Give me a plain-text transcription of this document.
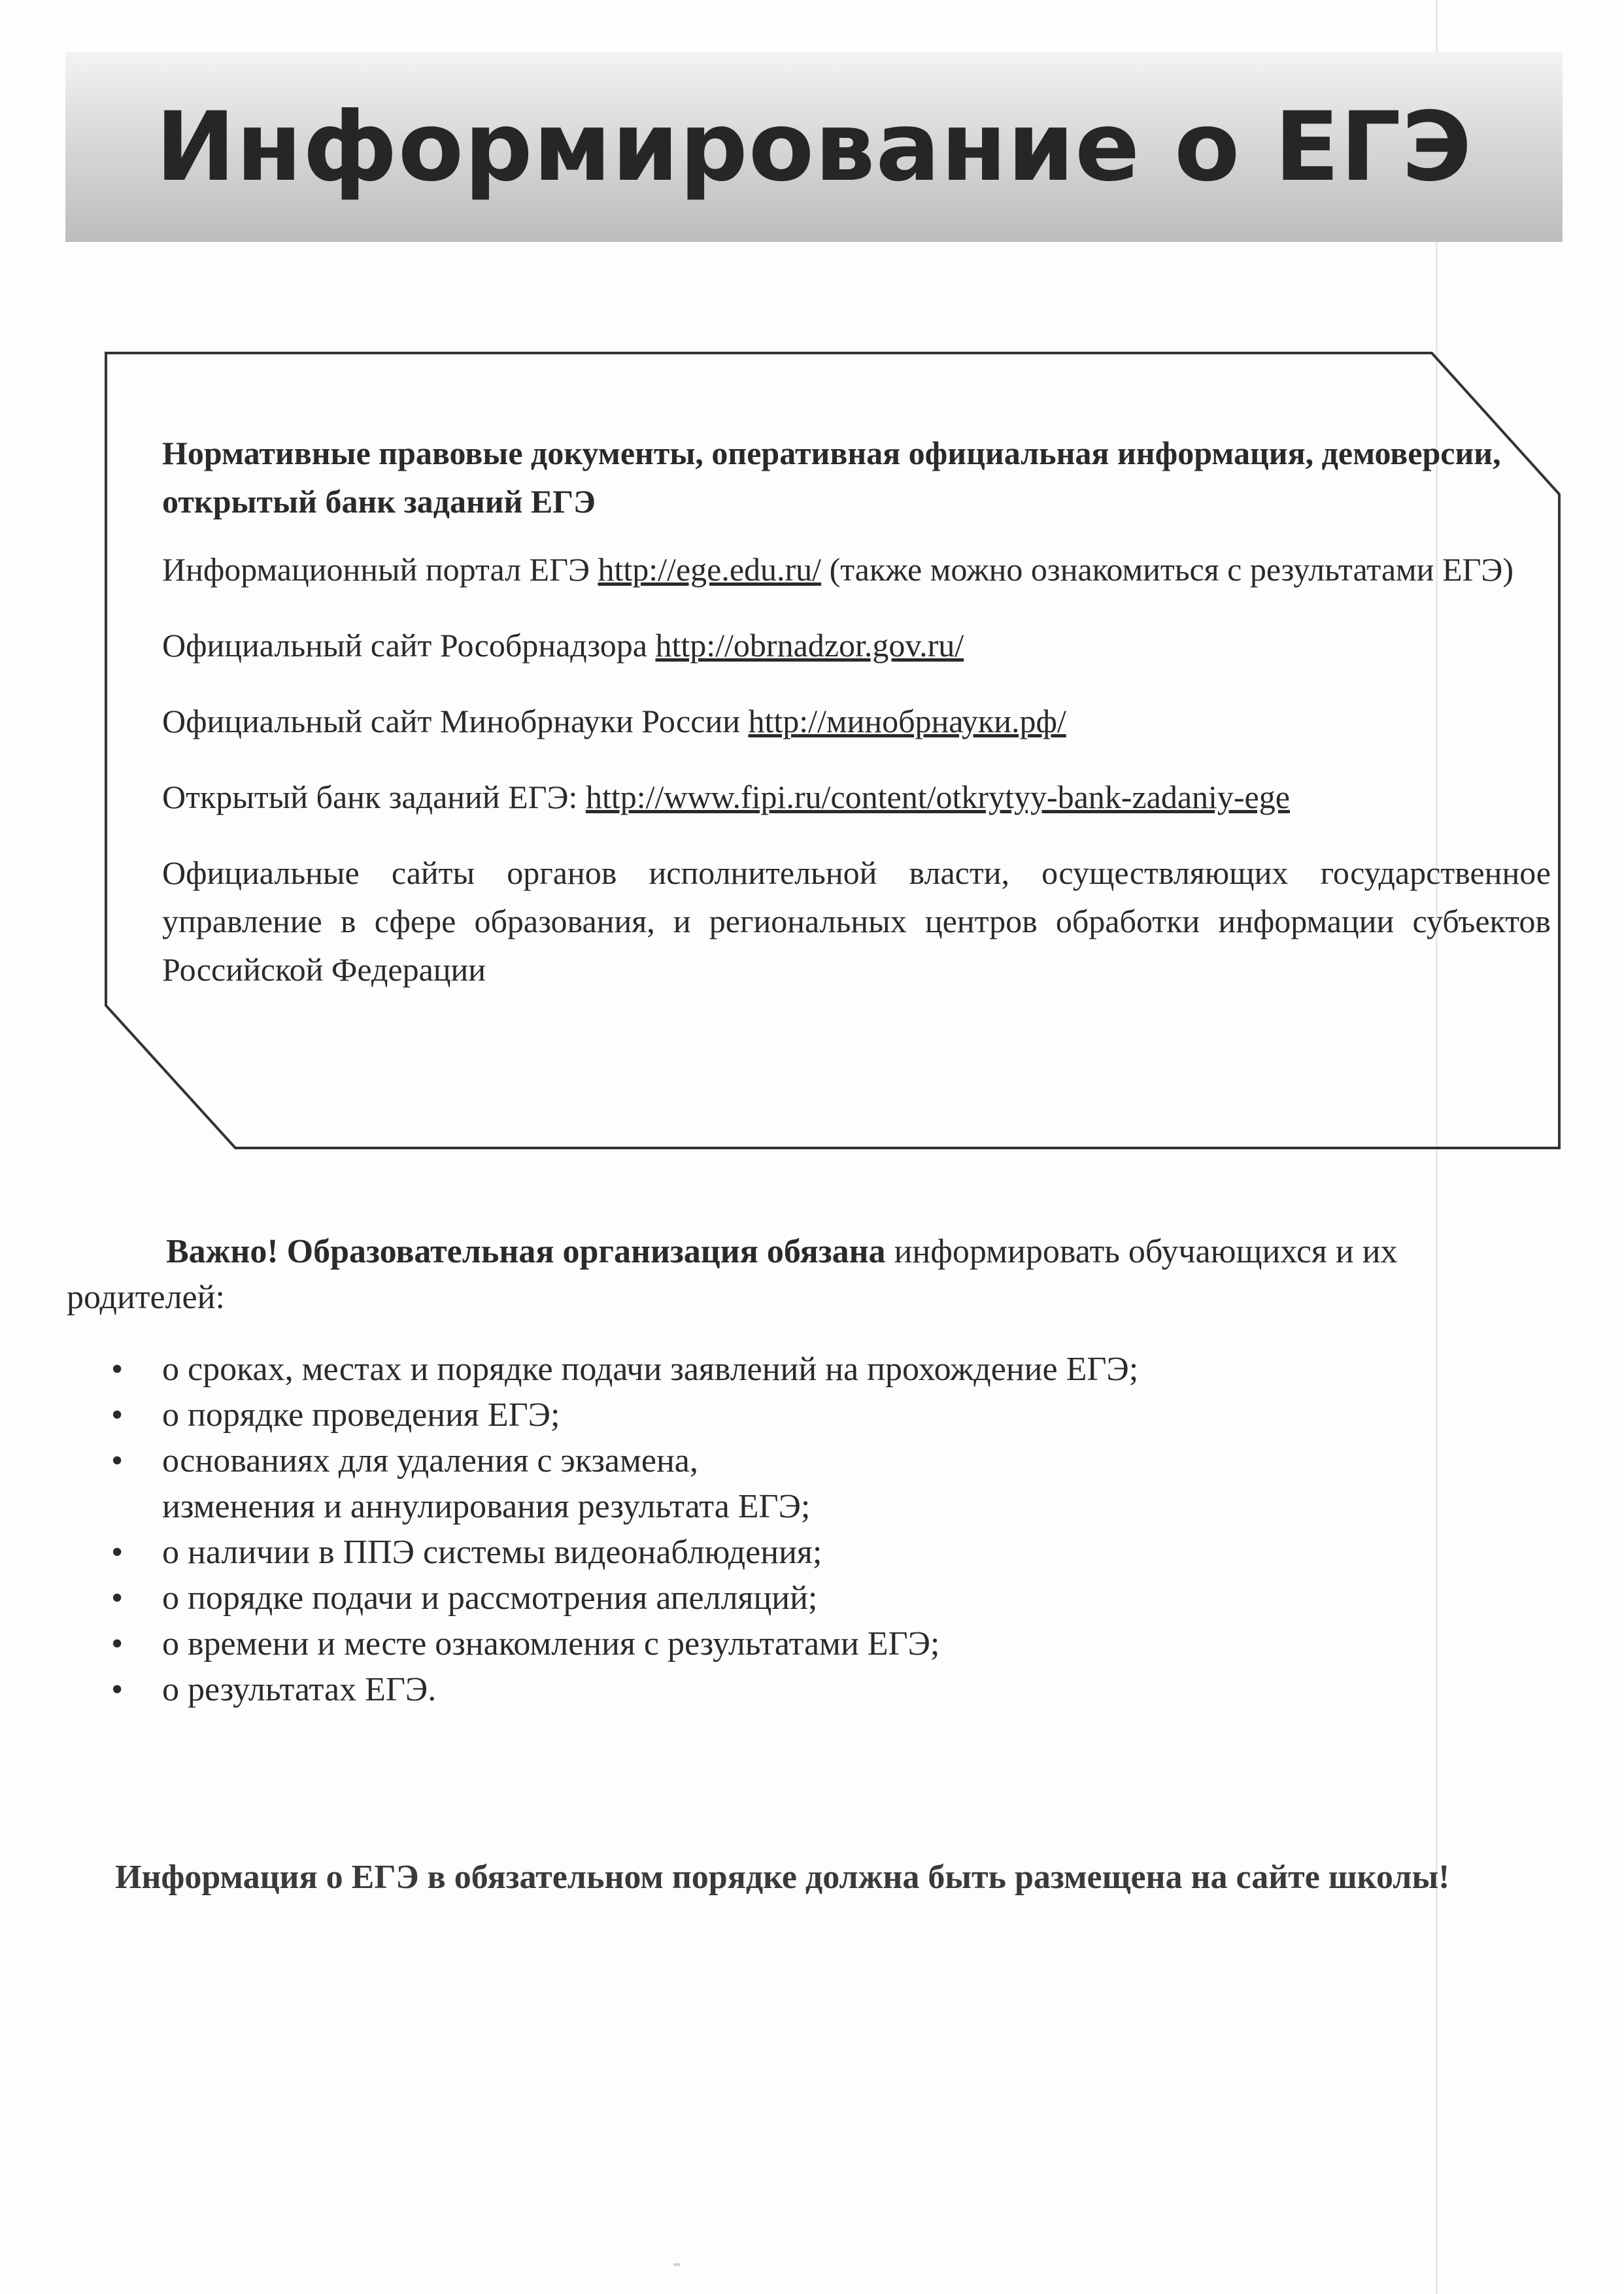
Информирование о ЕГЭ

Нормативные правовые документы, оперативная официальная информация, демоверсии, открытый банк заданий ЕГЭ

Информационный портал ЕГЭ http://ege.edu.ru/ (также можно ознакомиться с результатами ЕГЭ)

Официальный сайт Рособрнадзора http://obrnadzor.gov.ru/

Официальный сайт Минобрнауки России http://минобрнауки.рф/

Открытый банк заданий ЕГЭ: http://www.fipi.ru/content/otkrytyy-bank-zadaniy-ege

Официальные сайты органов исполнительной власти, осуществляющих государственное управление в сфере образования, и региональных центров обработки информации субъектов Российской Федерации

Важно! Образовательная организация обязана информировать обучающихся и их родителей:

• о сроках, местах и порядке подачи заявлений на прохождение ЕГЭ;
• о порядке проведения ЕГЭ;
• основаниях для удаления с экзамена,
изменения и аннулирования результата ЕГЭ;
• о наличии в ППЭ системы видеонаблюдения;
• о порядке подачи и рассмотрения апелляций;
• о времени и месте ознакомления с результатами ЕГЭ;
• о результатах ЕГЭ.
Информация о ЕГЭ в обязательном порядке должна быть размещена на сайте школы!
